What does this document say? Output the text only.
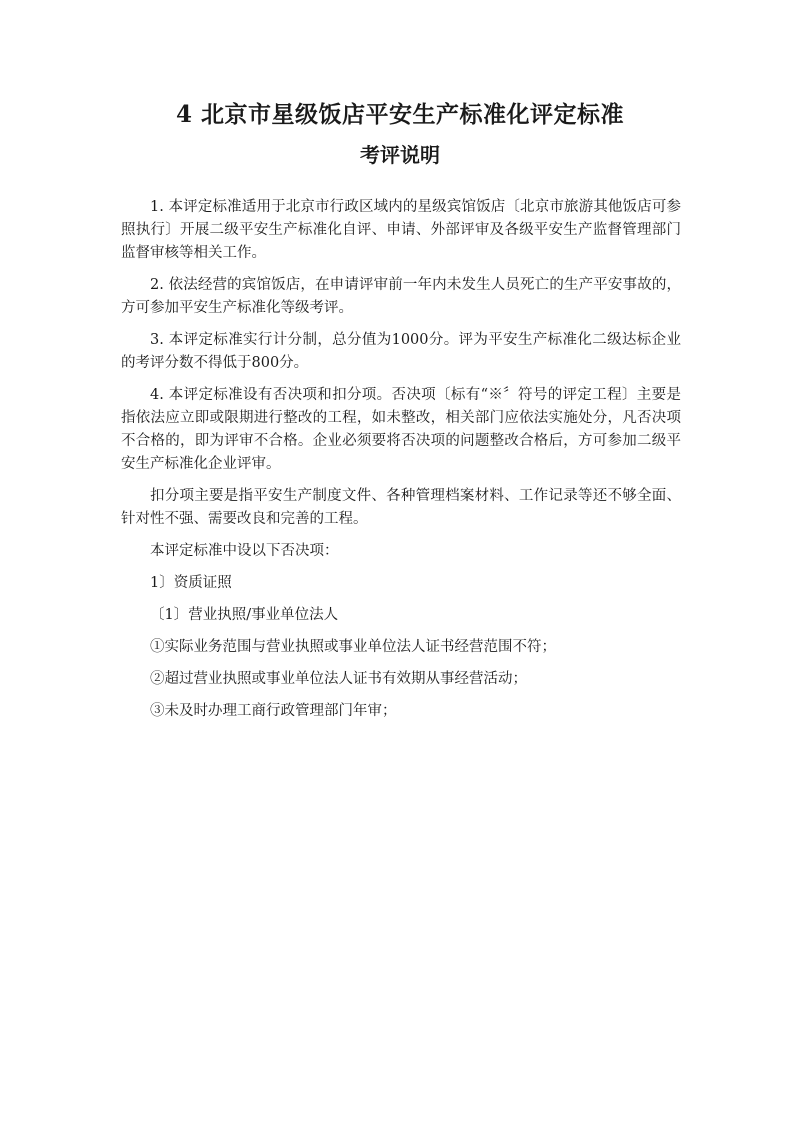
4 北京市星级饭店平安生产标准化评定标准
考评说明

1. 本评定标准适用于北京市行政区域内的星级宾馆饭店〔北京市旅游其他饭店可参照执行〕开展二级平安生产标准化自评、申请、外部评审及各级平安生产监督管理部门监督审核等相关工作。

2. 依法经营的宾馆饭店，在申请评审前一年内未发生人员死亡的生产平安事故的，方可参加平安生产标准化等级考评。

3. 本评定标准实行计分制，总分值为1000分。评为平安生产标准化二级达标企业的考评分数不得低于800分。

4. 本评定标准设有否决项和扣分项。否决项〔标有“※〞符号的评定工程〕主要是指依法应立即或限期进行整改的工程，如未整改，相关部门应依法实施处分，凡否决项不合格的，即为评审不合格。企业必须要将否决项的问题整改合格后，方可参加二级平安生产标准化企业评审。

扣分项主要是指平安生产制度文件、各种管理档案材料、工作记录等还不够全面、针对性不强、需要改良和完善的工程。

本评定标准中设以下否决项：

1〕资质证照

〔1〕营业执照/事业单位法人

①实际业务范围与营业执照或事业单位法人证书经营范围不符；

②超过营业执照或事业单位法人证书有效期从事经营活动；

③未及时办理工商行政管理部门年审；
